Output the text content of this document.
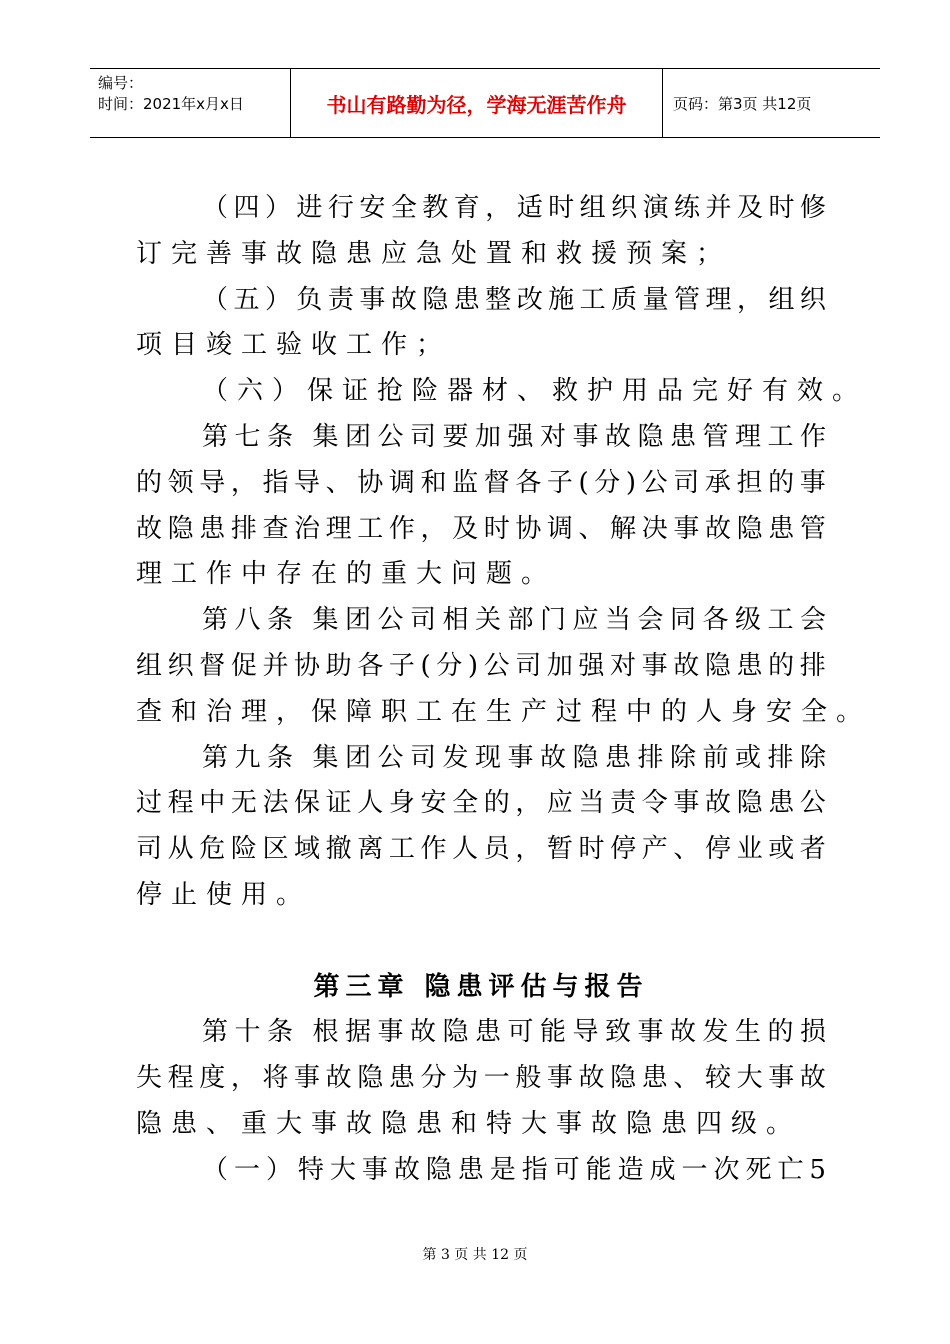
编号：
时间：2021年x月x日	书山有路勤为径，学海无涯苦作舟	页码：第3页 共12页
（ 四 ） 进 行 安 全 教 育 ， 适 时 组 织 演 练 并 及 时 修
订完善事故隐患应急处置和救援预案；
（ 五 ） 负 责 事 故 隐 患 整 改 施 工 质 量 管 理 ， 组 织
项目竣工验收工作；
（六）保证抢险器材、救护用品完好有效。
第 七 条 集 团 公 司 要 加 强 对 事 故 隐 患 管 理 工 作
的 领 导 ， 指 导 、 协 调 和 监 督 各 子 ( 分 ) 公 司 承 担 的 事
故 隐 患 排 查 治 理 工 作 ， 及 时 协 调 、 解 决 事 故 隐 患 管
理工作中存在的重大问题。
第 八 条 集 团 公 司 相 关 部 门 应 当 会 同 各 级 工 会
组 织 督 促 并 协 助 各 子 ( 分 ) 公 司 加 强 对 事 故 隐 患 的 排
查和治理，保障职工在生产过程中的人身安全。
第 九 条 集 团 公 司 发 现 事 故 隐 患 排 除 前 或 排 除
过 程 中 无 法 保 证 人 身 安 全 的 ， 应 当 责 令 事 故 隐 患 公
司 从 危 险 区 域 撤 离 工 作 人 员 ， 暂 时 停 产 、 停 业 或 者
停止使用。
第三章 隐患评估与报告
第 十 条 根 据 事 故 隐 患 可 能 导 致 事 故 发 生 的 损
失 程 度 ， 将 事 故 隐 患 分 为 一 般 事 故 隐 患 、 较 大 事 故
隐患、重大事故隐患和特大事故隐患四级。
（ 一 ） 特 大 事 故 隐 患 是 指 可 能 造 成 一 次 死 亡 5
第 3 页 共 12 页
